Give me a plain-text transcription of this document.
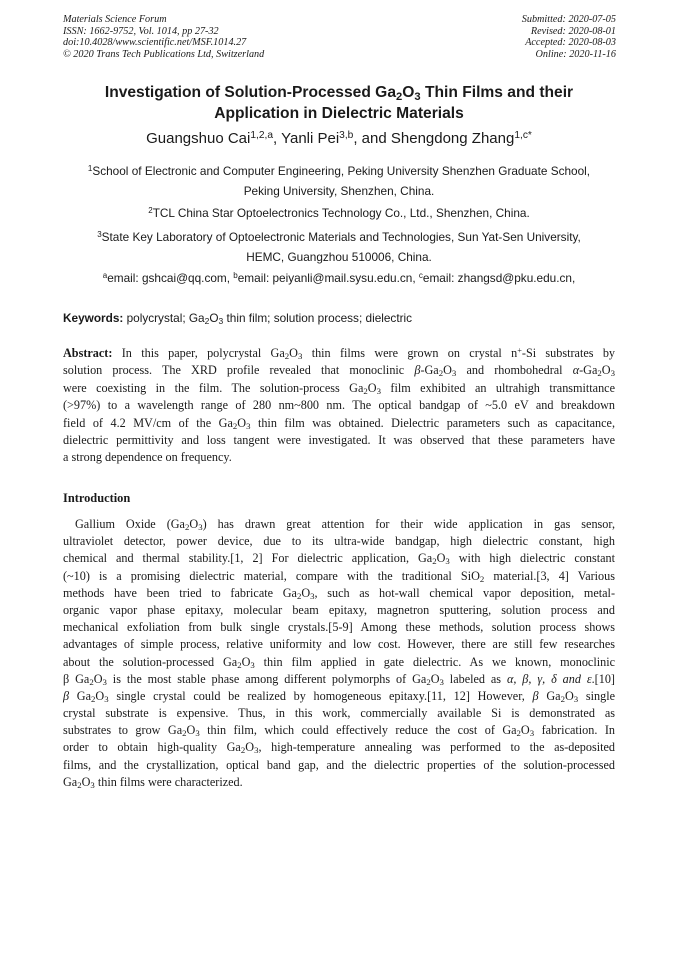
Materials Science Forum
ISSN: 1662-9752, Vol. 1014, pp 27-32
doi:10.4028/www.scientific.net/MSF.1014.27
© 2020 Trans Tech Publications Ltd, Switzerland
Submitted: 2020-07-05
Revised: 2020-08-01
Accepted: 2020-08-03
Online: 2020-11-16
Investigation of Solution-Processed $Ga_2O_3$ Thin Films and their
Application in Dielectric Materials
Guangshuo Cai$^{1,2,a}$, Yanli Pei$^{3,b}$, and Shengdong Zhang$^{1,c*}$
$^1$School of Electronic and Computer Engineering, Peking University Shenzhen Graduate School,
Peking University, Shenzhen, China.
$^2$TCL China Star Optoelectronics Technology Co., Ltd., Shenzhen, China.
$^3$State Key Laboratory of Optoelectronic Materials and Technologies, Sun Yat-Sen University,
HEMC, Guangzhou 510006, China.
$^a$email: gshcai@qq.com, $^b$email: peiyanli@mail.sysu.edu.cn, $^c$email: zhangsd@pku.edu.cn,
Keywords: polycrystal; $Ga_2O_3$ thin film; solution process; dielectric
Abstract: In this paper, polycrystal $Ga_2O_3$ thin films were grown on crystal n+-Si substrates by
solution process. The XRD profile revealed that monoclinic $\beta-Ga_2O_3$ and rhombohedral $\alpha-Ga_2O_3$
were coexisting in the film. The solution-process $Ga_2O_3$ film exhibited an ultrahigh transmittance
(>97%) to a wavelength range of 280 nm~800 nm. The optical bandgap of ~5.0 eV and breakdown
field of 4.2 MV/cm of the $Ga_2O_3$ thin film was obtained. Dielectric parameters such as capacitance,
dielectric permittivity and loss tangent were investigated. It was observed that these parameters have
a strong dependence on frequency.
Introduction
Gallium Oxide $(Ga_2O_3)$ has drawn great attention for their wide application in gas sensor,
ultraviolet detector, power device, due to its ultra-wide bandgap, high dielectric constant, high
chemical and thermal stability.[1, 2] For dielectric application, $Ga_2O_3$ with high dielectric constant
(~10) is a promising dielectric material, compare with the traditional SiO$_2$ material.[3, 4] Various
methods have been tried to fabricate $Ga_2O_3$, such as hot-wall chemical vapor deposition, metal-
organic vapor phase epitaxy, molecular beam epitaxy, magnetron sputtering, solution process and
mechanical exfoliation from bulk single crystals.[5-9] Among these methods, solution process shows
advantages of simple process, relative uniformity and low cost. However, there are still few researches
about the solution-processed $Ga_2O_3$ thin film applied in gate dielectric. As we known, monoclinic
β $Ga_2O_3$ is the most stable phase among different polymorphs of $Ga_2O_3$ labeled as α, β, γ, δ and ε.[10]
β $Ga_2O_3$ single crystal could be realized by homogeneous epitaxy.[11, 12] However, β $Ga_2O_3$ single
crystal substrate is expensive. Thus, in this work, commercially available Si is demonstrated as
substrates to grow $Ga_2O_3$ thin film, which could effectively reduce the cost of $Ga_2O_3$ fabrication. In
order to obtain high-quality $Ga_2O_3$, high-temperature annealing was performed to the as-deposited
films, and the crystallization, optical band gap, and the dielectric properties of the solution-processed
$Ga_2O_3$ thin films were characterized.
